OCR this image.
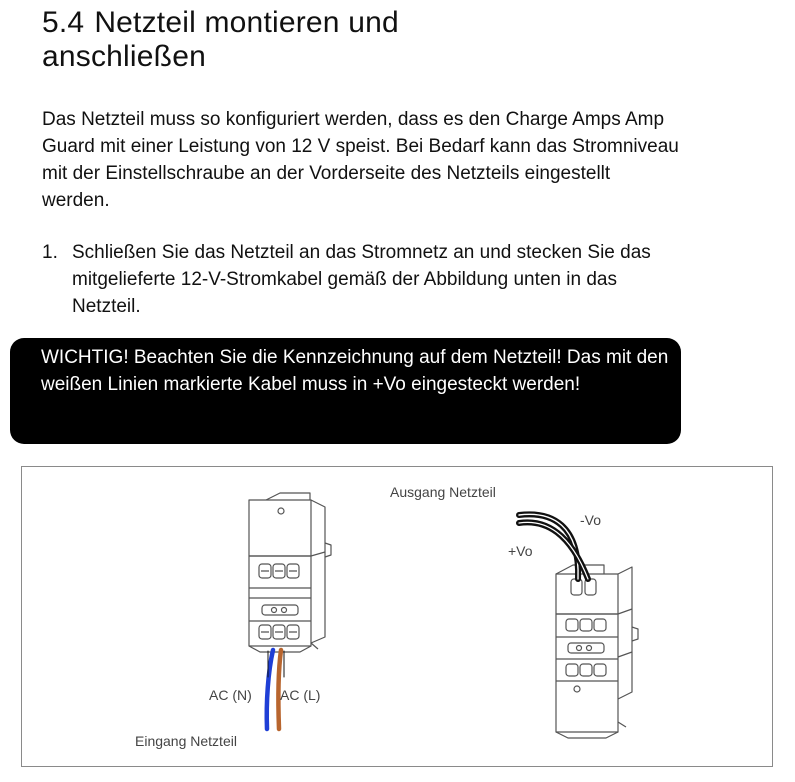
5.4 Netzteil montieren und
anschließen

Das Netzteil muss so konfiguriert werden, dass es den Charge Amps Amp Guard mit einer Leistung von 12 V speist. Bei Bedarf kann das Stromniveau mit der Einstellschraube an der Vorderseite des Netzteils eingestellt werden.

1. Schließen Sie das Netzteil an das Stromnetz an und stecken Sie das mitgelieferte 12-V-Stromkabel gemäß der Abbildung unten in das Netzteil.
WICHTIG! Beachten Sie die Kennzeichnung auf dem Netzteil! Das mit den weißen Linien markierte Kabel muss in +Vo eingesteckt werden!
Ausgang Netzteil
-Vo
+Vo
AC (N) AC (L)
Eingang Netzteil
